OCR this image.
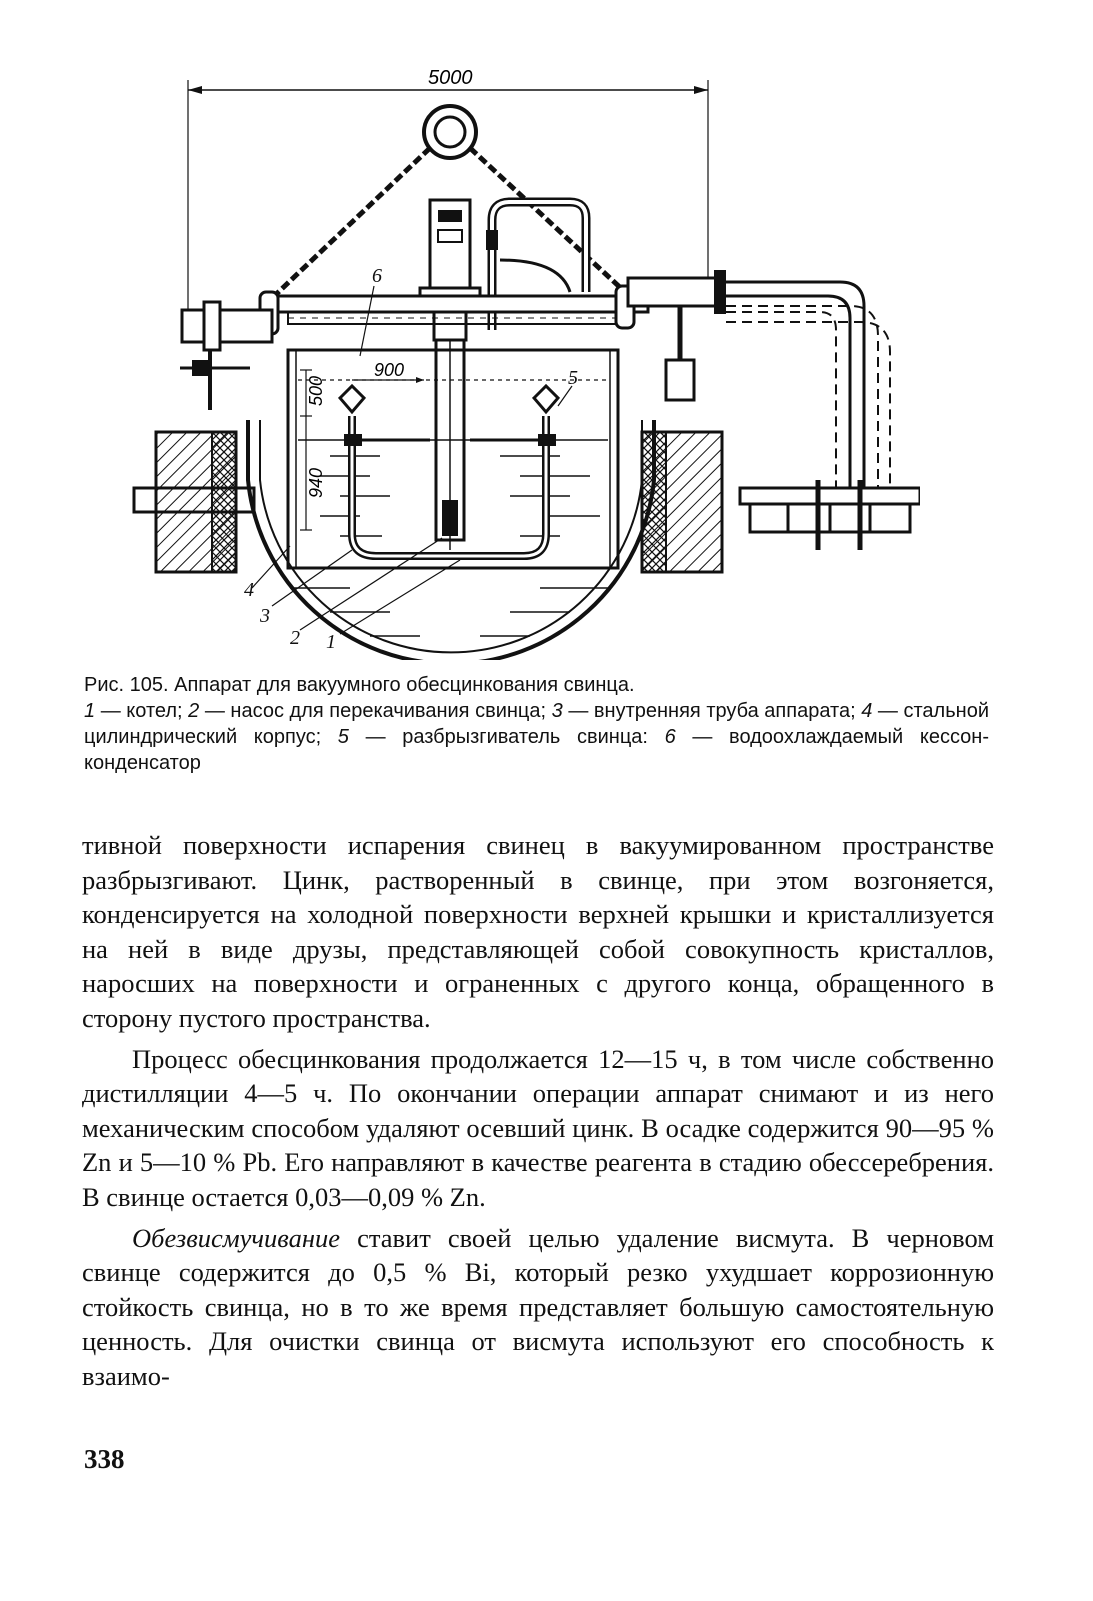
5000
500
940
900
6
5
4
3
2 1
Рис. 105. Аппарат для вакуумного обесцинкования свинца.
1 — котел; 2 — насос для перекачивания свинца; 3 — внутренняя труба аппарата; 4 — стальной цилиндрический корпус; 5 — разбрызгиватель свинца: 6 — водоохлаждаемый кессон-конденсатор

тивной поверхности испарения свинец в вакуумированном пространстве разбрызгивают. Цинк, растворенный в свинце, при этом возгоняется, конденсируется на холодной поверхности верхней крышки и кристаллизуется на ней в виде друзы, представляющей собой совокупность кристаллов, наросших на поверхности и ограненных с другого конца, обращенного в сторону пустого пространства.

Процесс обесцинкования продолжается 12—15 ч, в том числе собственно дистилляции 4—5 ч. По окончании операции аппарат снимают и из него механическим способом удаляют осевший цинк. В осадке содержится 90—95 % Zn и 5—10 % Pb. Его направляют в качестве реагента в стадию обессеребрения. В свинце остается 0,03—0,09 % Zn.

Обезвисмучивание ставит своей целью удаление висмута. В черновом свинце содержится до 0,5 % Bi, который резко ухудшает коррозионную стойкость свинца, но в то же время представляет большую самостоятельную ценность. Для очистки свинца от висмута используют его способность к взаимо-

338
